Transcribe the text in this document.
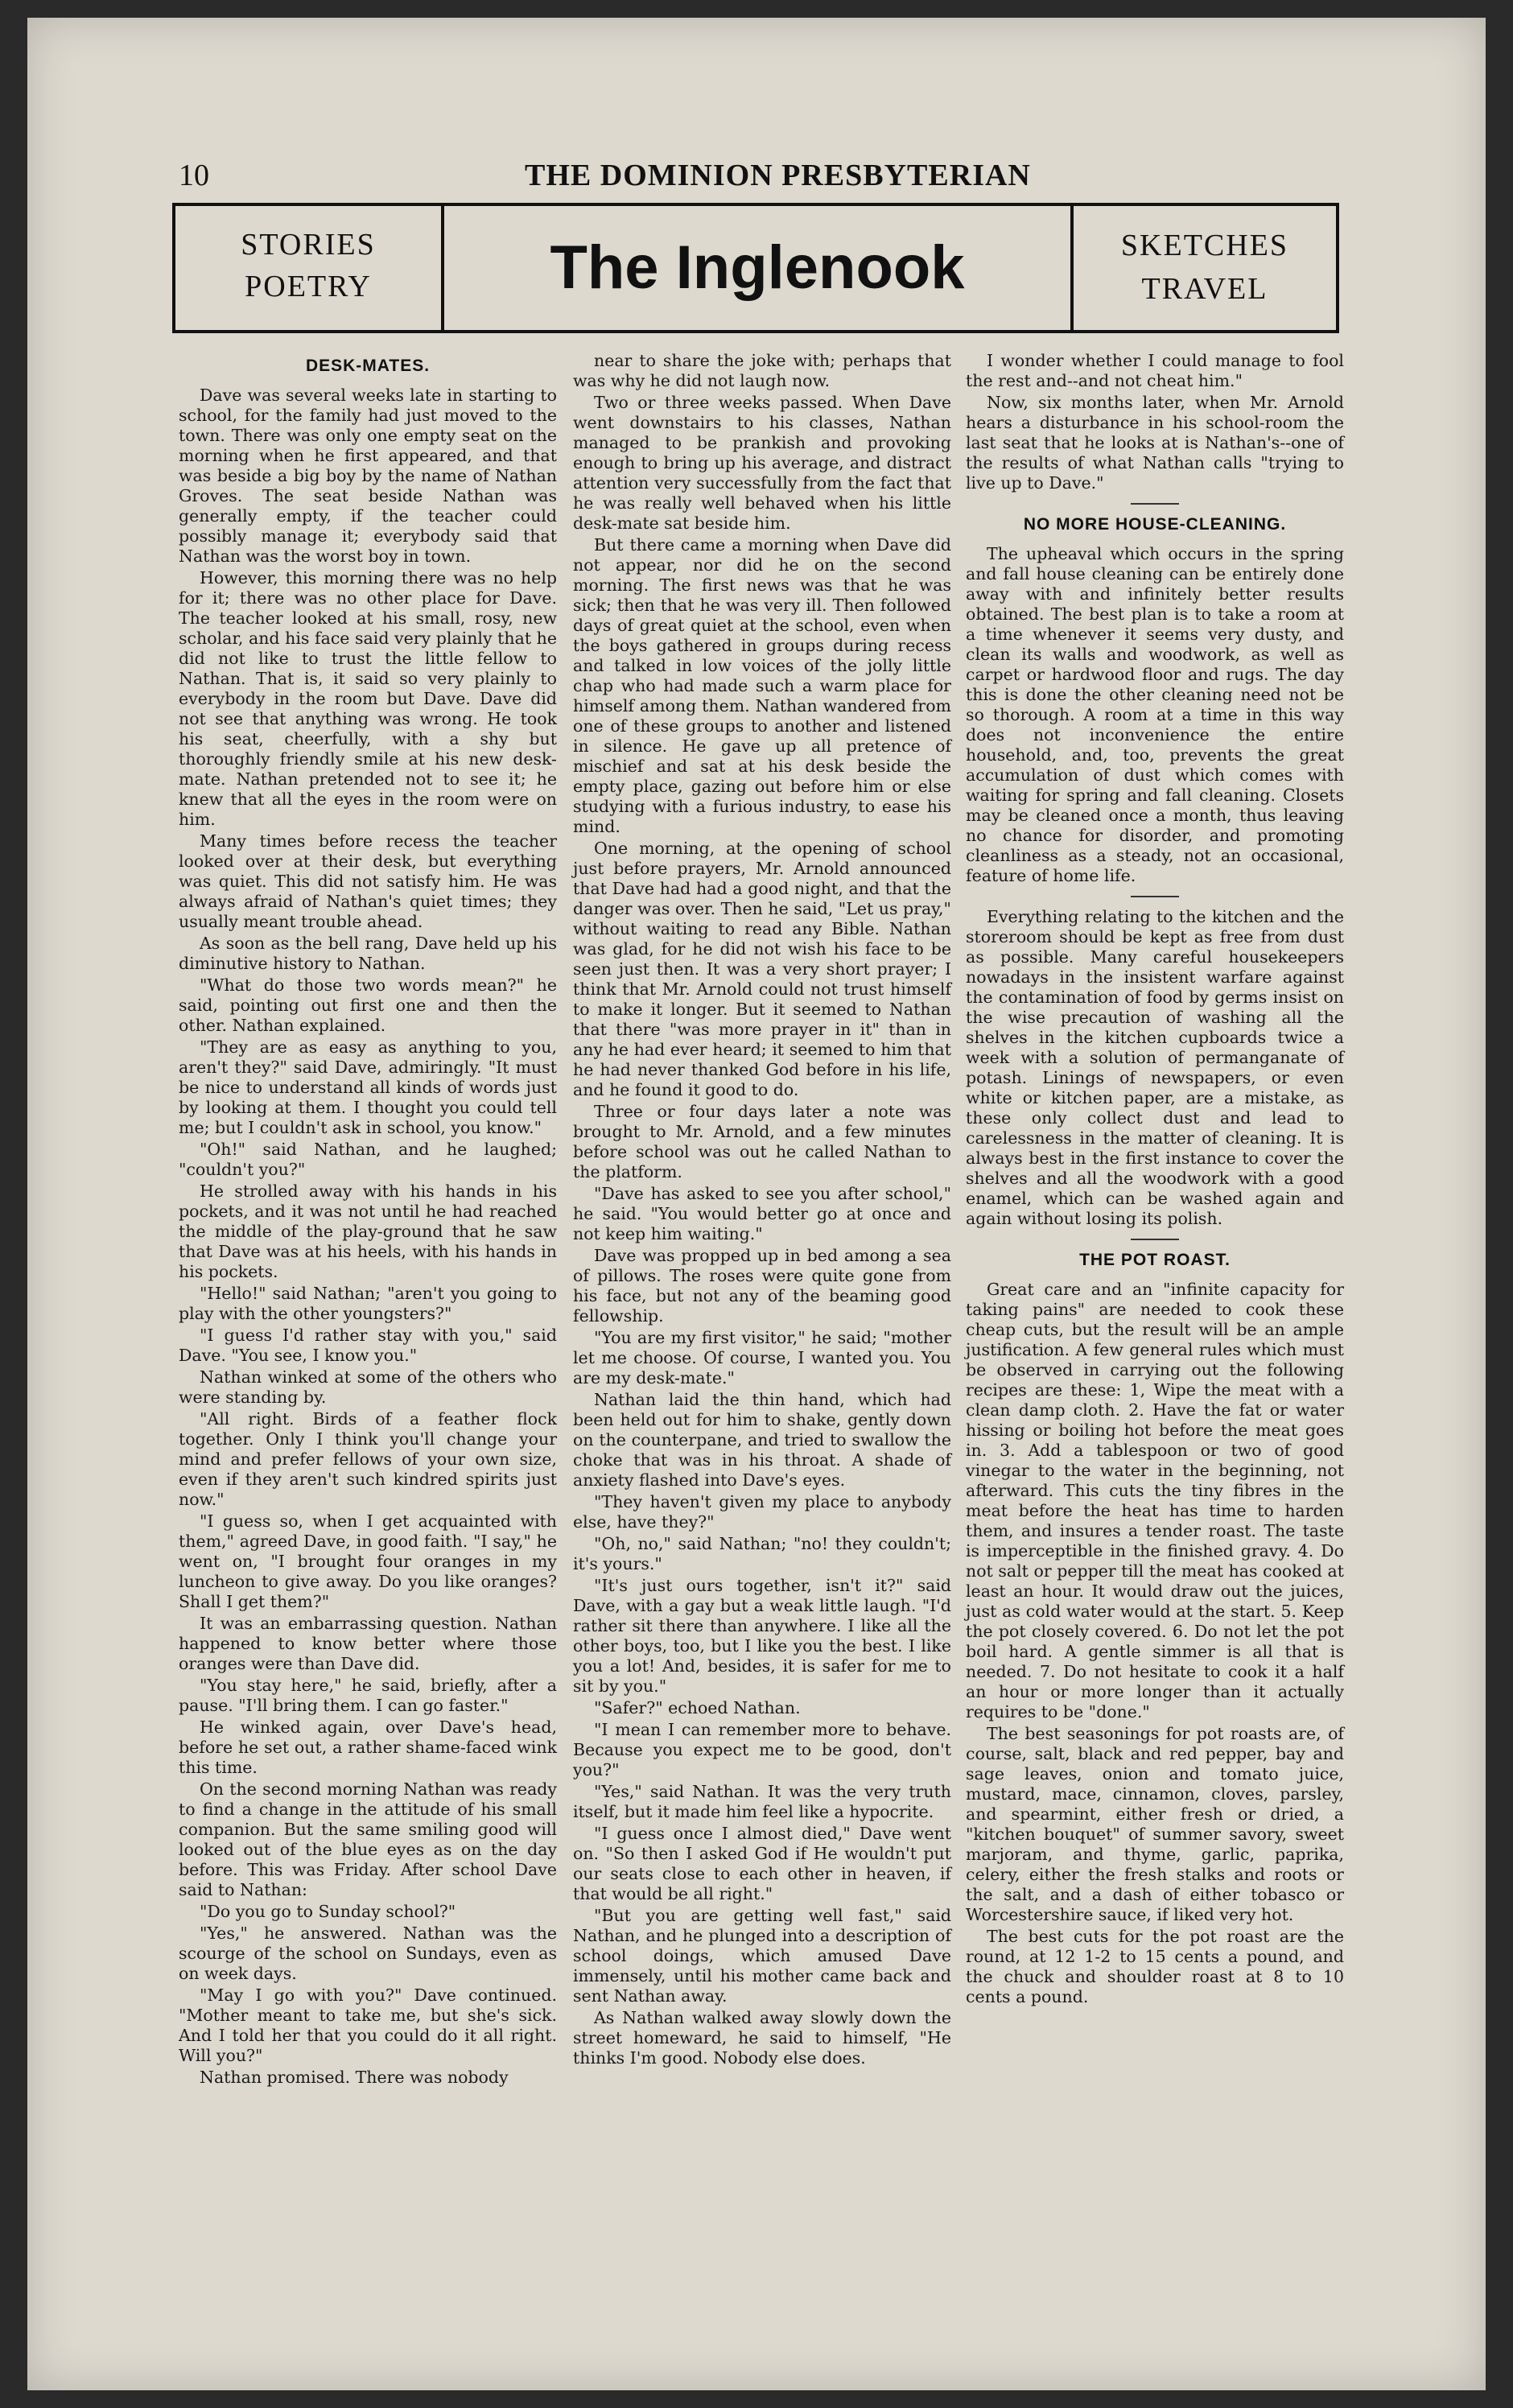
10	THE DOMINION PRESBYTERIAN
STORIES
POETRY	The Inglenook	SKETCHES
TRAVEL
DESK-MATES.

Dave was several weeks late in starting to school, for the family had just moved to the town. There was only one empty seat on the morning when he first appeared, and that was beside a big boy by the name of Nathan Groves. The seat beside Nathan was generally empty, if the teacher could possibly manage it; everybody said that Nathan was the worst boy in town.

However, this morning there was no help for it; there was no other place for Dave. The teacher looked at his small, rosy, new scholar, and his face said very plainly that he did not like to trust the little fellow to Nathan. That is, it said so very plainly to everybody in the room but Dave. Dave did not see that anything was wrong. He took his seat, cheerfully, with a shy but thoroughly friendly smile at his new desk-mate. Nathan pretended not to see it; he knew that all the eyes in the room were on him.

Many times before recess the teacher looked over at their desk, but everything was quiet. This did not satisfy him. He was always afraid of Nathan's quiet times; they usually meant trouble ahead.

As soon as the bell rang, Dave held up his diminutive history to Nathan.

"What do those two words mean?" he said, pointing out first one and then the other. Nathan explained.

"They are as easy as anything to you, aren't they?" said Dave, admiringly. "It must be nice to understand all kinds of words just by looking at them. I thought you could tell me; but I couldn't ask in school, you know."

"Oh!" said Nathan, and he laughed; "couldn't you?"

He strolled away with his hands in his pockets, and it was not until he had reached the middle of the play-ground that he saw that Dave was at his heels, with his hands in his pockets.

"Hello!" said Nathan; "aren't you going to play with the other youngsters?"

"I guess I'd rather stay with you," said Dave. "You see, I know you."

Nathan winked at some of the others who were standing by.

"All right. Birds of a feather flock together. Only I think you'll change your mind and prefer fellows of your own size, even if they aren't such kindred spirits just now."

"I guess so, when I get acquainted with them," agreed Dave, in good faith. "I say," he went on, "I brought four oranges in my luncheon to give away. Do you like oranges? Shall I get them?"

It was an embarrassing question. Nathan happened to know better where those oranges were than Dave did.

"You stay here," he said, briefly, after a pause. "I'll bring them. I can go faster."

He winked again, over Dave's head, before he set out, a rather shame-faced wink this time.

On the second morning Nathan was ready to find a change in the attitude of his small companion. But the same smiling good will looked out of the blue eyes as on the day before. This was Friday. After school Dave said to Nathan:

"Do you go to Sunday school?"

"Yes," he answered. Nathan was the scourge of the school on Sundays, even as on week days.

"May I go with you?" Dave continued. "Mother meant to take me, but she's sick. And I told her that you could do it all right. Will you?"

Nathan promised. There was nobody

near to share the joke with; perhaps that was why he did not laugh now.

Two or three weeks passed. When Dave went downstairs to his classes, Nathan managed to be prankish and provoking enough to bring up his average, and distract attention very successfully from the fact that he was really well behaved when his little desk-mate sat beside him.

But there came a morning when Dave did not appear, nor did he on the second morning. The first news was that he was sick; then that he was very ill. Then followed days of great quiet at the school, even when the boys gathered in groups during recess and talked in low voices of the jolly little chap who had made such a warm place for himself among them. Nathan wandered from one of these groups to another and listened in silence. He gave up all pretence of mischief and sat at his desk beside the empty place, gazing out before him or else studying with a furious industry, to ease his mind.

One morning, at the opening of school just before prayers, Mr. Arnold announced that Dave had had a good night, and that the danger was over. Then he said, "Let us pray," without waiting to read any Bible. Nathan was glad, for he did not wish his face to be seen just then. It was a very short prayer; I think that Mr. Arnold could not trust himself to make it longer. But it seemed to Nathan that there "was more prayer in it" than in any he had ever heard; it seemed to him that he had never thanked God before in his life, and he found it good to do.

Three or four days later a note was brought to Mr. Arnold, and a few minutes before school was out he called Nathan to the platform.

"Dave has asked to see you after school," he said. "You would better go at once and not keep him waiting."

Dave was propped up in bed among a sea of pillows. The roses were quite gone from his face, but not any of the beaming good fellowship.

"You are my first visitor," he said; "mother let me choose. Of course, I wanted you. You are my desk-mate."

Nathan laid the thin hand, which had been held out for him to shake, gently down on the counterpane, and tried to swallow the choke that was in his throat. A shade of anxiety flashed into Dave's eyes.

"They haven't given my place to anybody else, have they?"

"Oh, no," said Nathan; "no! they couldn't; it's yours."

"It's just ours together, isn't it?" said Dave, with a gay but a weak little laugh. "I'd rather sit there than anywhere. I like all the other boys, too, but I like you the best. I like you a lot! And, besides, it is safer for me to sit by you."

"Safer?" echoed Nathan.

"I mean I can remember more to behave. Because you expect me to be good, don't you?"

"Yes," said Nathan. It was the very truth itself, but it made him feel like a hypocrite.

"I guess once I almost died," Dave went on. "So then I asked God if He wouldn't put our seats close to each other in heaven, if that would be all right."

"But you are getting well fast," said Nathan, and he plunged into a description of school doings, which amused Dave immensely, until his mother came back and sent Nathan away.

As Nathan walked away slowly down the street homeward, he said to himself, "He thinks I'm good. Nobody else does.

I wonder whether I could manage to fool the rest and--and not cheat him."

Now, six months later, when Mr. Arnold hears a disturbance in his school-room the last seat that he looks at is Nathan's--one of the results of what Nathan calls "trying to live up to Dave."

NO MORE HOUSE-CLEANING.

The upheaval which occurs in the spring and fall house cleaning can be entirely done away with and infinitely better results obtained. The best plan is to take a room at a time whenever it seems very dusty, and clean its walls and woodwork, as well as carpet or hardwood floor and rugs. The day this is done the other cleaning need not be so thorough. A room at a time in this way does not inconvenience the entire household, and, too, prevents the great accumulation of dust which comes with waiting for spring and fall cleaning. Closets may be cleaned once a month, thus leaving no chance for disorder, and promoting cleanliness as a steady, not an occasional, feature of home life.

Everything relating to the kitchen and the storeroom should be kept as free from dust as possible. Many careful housekeepers nowadays in the insistent warfare against the contamination of food by germs insist on the wise precaution of washing all the shelves in the kitchen cupboards twice a week with a solution of permanganate of potash. Linings of newspapers, or even white or kitchen paper, are a mistake, as these only collect dust and lead to carelessness in the matter of cleaning. It is always best in the first instance to cover the shelves and all the woodwork with a good enamel, which can be washed again and again without losing its polish.

THE POT ROAST.

Great care and an "infinite capacity for taking pains" are needed to cook these cheap cuts, but the result will be an ample justification. A few general rules which must be observed in carrying out the following recipes are these: 1, Wipe the meat with a clean damp cloth. 2. Have the fat or water hissing or boiling hot before the meat goes in. 3. Add a tablespoon or two of good vinegar to the water in the beginning, not afterward. This cuts the tiny fibres in the meat before the heat has time to harden them, and insures a tender roast. The taste is imperceptible in the finished gravy. 4. Do not salt or pepper till the meat has cooked at least an hour. It would draw out the juices, just as cold water would at the start. 5. Keep the pot closely covered. 6. Do not let the pot boil hard. A gentle simmer is all that is needed. 7. Do not hesitate to cook it a half an hour or more longer than it actually requires to be "done."

The best seasonings for pot roasts are, of course, salt, black and red pepper, bay and sage leaves, onion and tomato juice, mustard, mace, cinnamon, cloves, parsley, and spearmint, either fresh or dried, a "kitchen bouquet" of summer savory, sweet marjoram, and thyme, garlic, paprika, celery, either the fresh stalks and roots or the salt, and a dash of either tobasco or Worcestershire sauce, if liked very hot.

The best cuts for the pot roast are the round, at 12 1-2 to 15 cents a pound, and the chuck and shoulder roast at 8 to 10 cents a pound.
